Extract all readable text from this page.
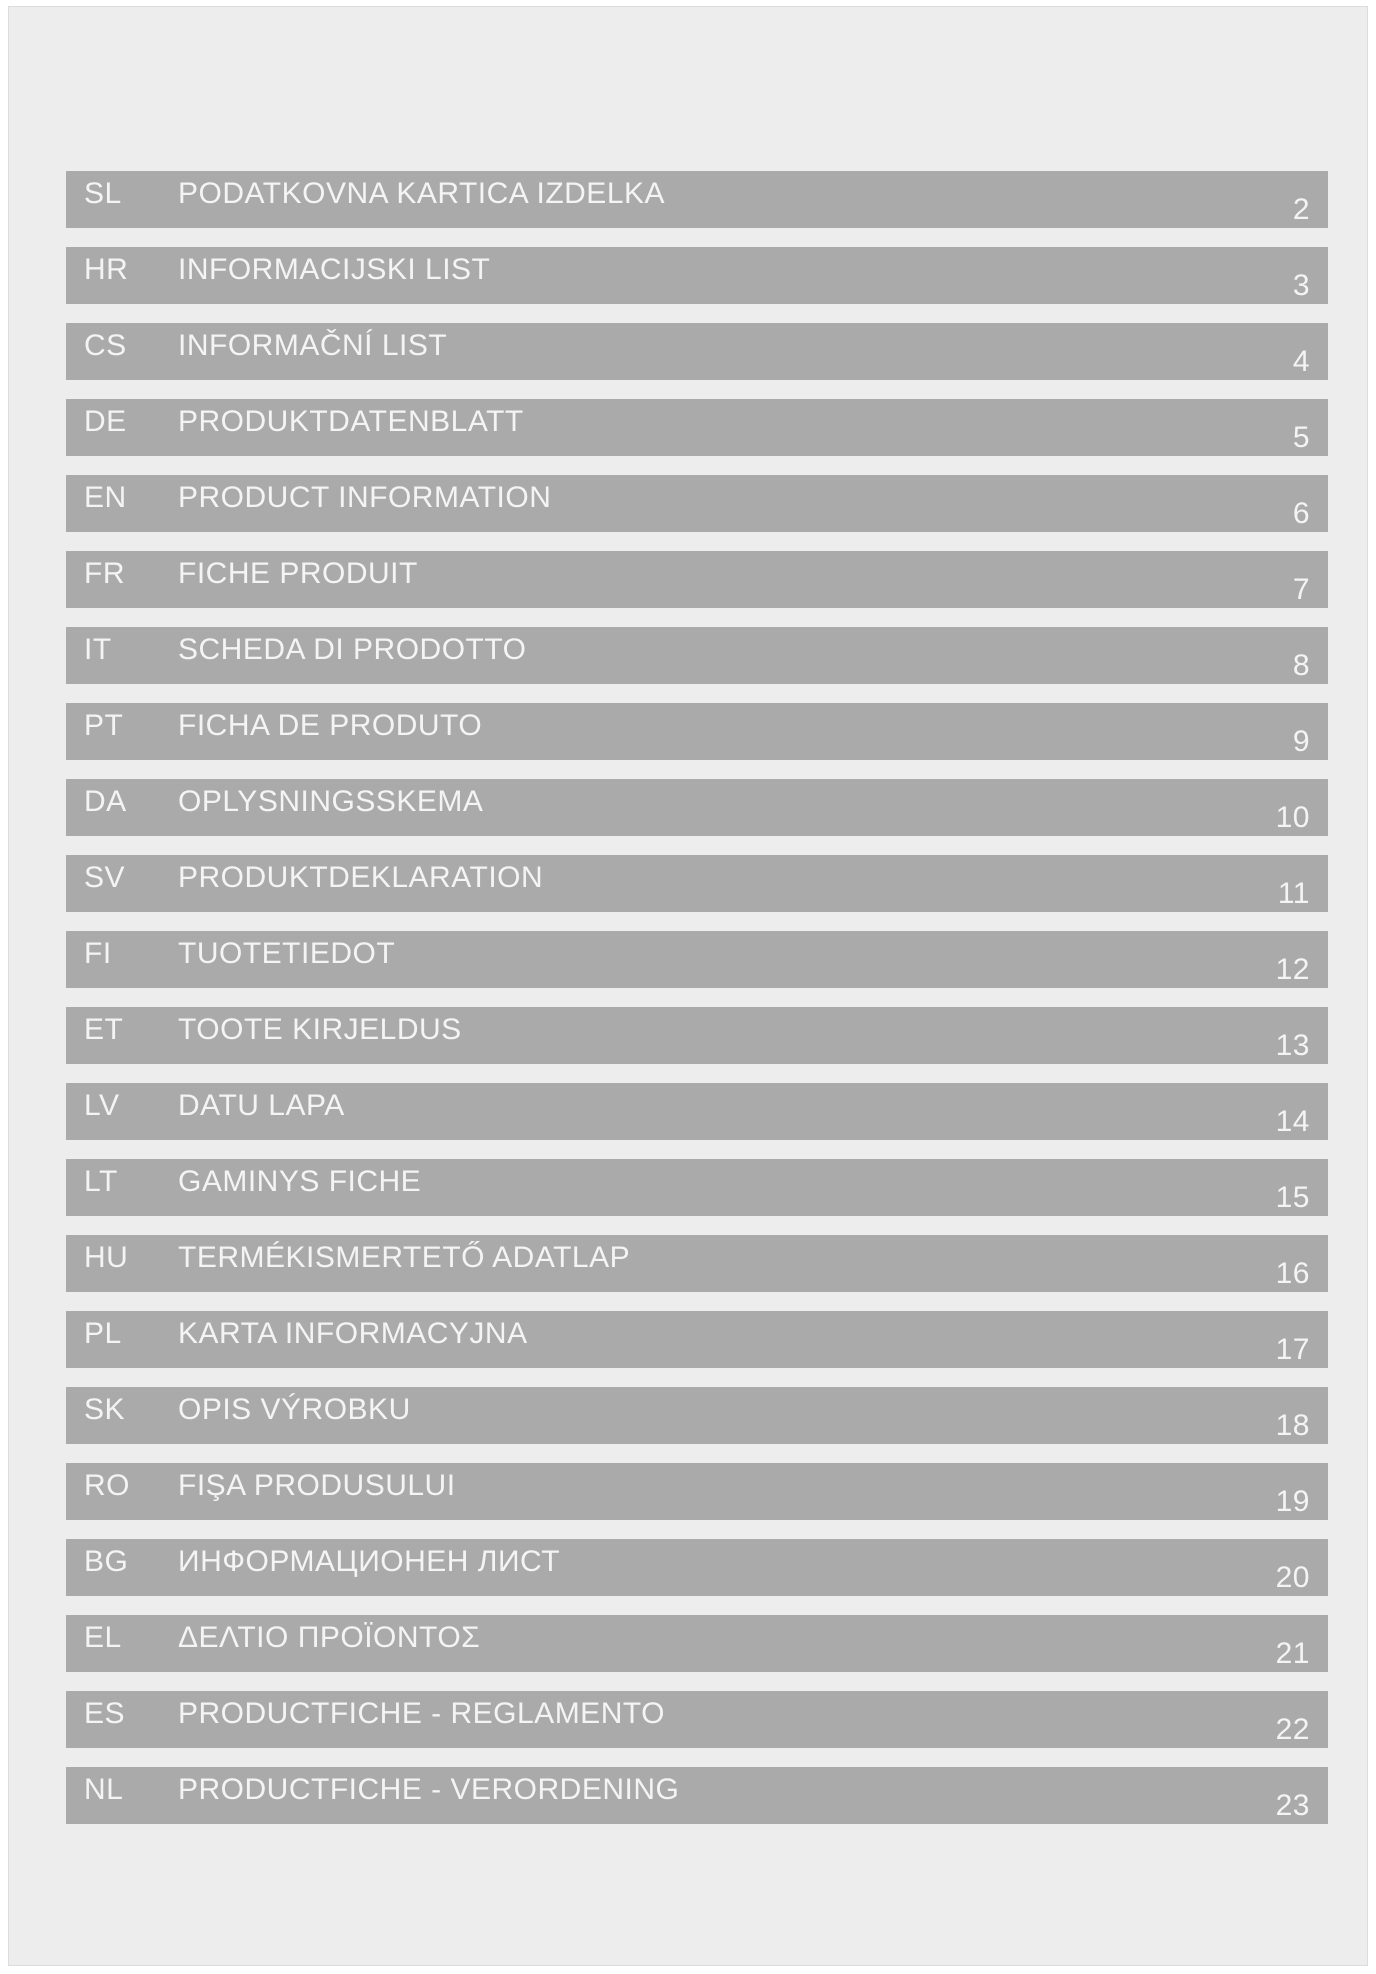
SL	PODATKOVNA KARTICA IZDELKA	2
HR	INFORMACIJSKI LIST	3
CS	INFORMAČNÍ LIST	4
DE	PRODUKTDATENBLATT	5
EN	PRODUCT INFORMATION	6
FR	FICHE PRODUIT	7
IT	SCHEDA DI PRODOTTO	8
PT	FICHA DE PRODUTO	9
DA	OPLYSNINGSSKEMA	10
SV	PRODUKTDEKLARATION	11
FI	TUOTETIEDOT	12
ET	TOOTE KIRJELDUS	13
LV	DATU LAPA	14
LT	GAMINYS FICHE	15
HU	TERMÉKISMERTETŐ ADATLAP	16
PL	KARTA INFORMACYJNA	17
SK	OPIS VÝROBKU	18
RO	FIŞA PRODUSULUI	19
BG	ИНФОРМАЦИОНЕН ЛИСТ	20
EL	ΔΕΛΤΙΟ ΠΡΟΪΟΝΤΟΣ	21
ES	PRODUCTFICHE - REGLAMENTO	22
NL	PRODUCTFICHE - VERORDENING	23
